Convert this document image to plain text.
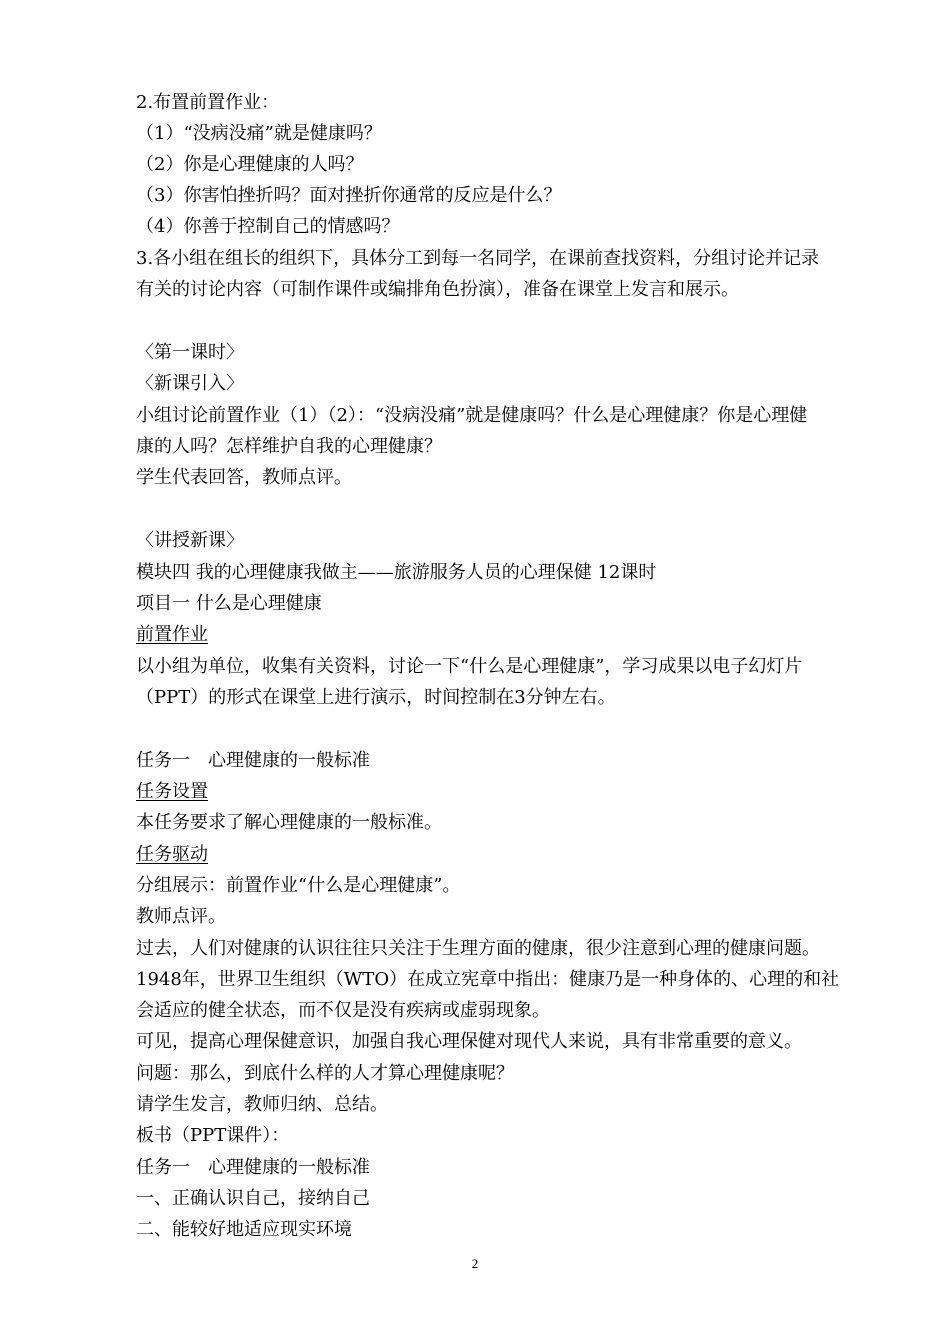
2.布置前置作业：
（1）“没病没痛”就是健康吗？
（2）你是心理健康的人吗？
（3）你害怕挫折吗？面对挫折你通常的反应是什么？
（4）你善于控制自己的情感吗？
3.各小组在组长的组织下，具体分工到每一名同学，在课前查找资料，分组讨论并记录
有关的讨论内容（可制作课件或编排角色扮演），准备在课堂上发言和展示。
〈第一课时〉
〈新课引入〉
小组讨论前置作业（1）（2）：“没病没痛”就是健康吗？什么是心理健康？你是心理健
康的人吗？怎样维护自我的心理健康？
学生代表回答，教师点评。
〈讲授新课〉
模块四 我的心理健康我做主——旅游服务人员的心理保健 12课时
项目一 什么是心理健康
前置作业
以小组为单位，收集有关资料，讨论一下“什么是心理健康”，学习成果以电子幻灯片
（PPT）的形式在课堂上进行演示，时间控制在3分钟左右。
任务一　心理健康的一般标准
任务设置
本任务要求了解心理健康的一般标准。
任务驱动
分组展示：前置作业“什么是心理健康”。
教师点评。
过去，人们对健康的认识往往只关注于生理方面的健康，很少注意到心理的健康问题。
1948年，世界卫生组织（WTO）在成立宪章中指出：健康乃是一种身体的、心理的和社
会适应的健全状态，而不仅是没有疾病或虚弱现象。
可见，提高心理保健意识，加强自我心理保健对现代人来说，具有非常重要的意义。
问题：那么，到底什么样的人才算心理健康呢？
请学生发言，教师归纳、总结。
板书（PPT课件）：
任务一　心理健康的一般标准
一、正确认识自己，接纳自己
二、能较好地适应现实环境
2
